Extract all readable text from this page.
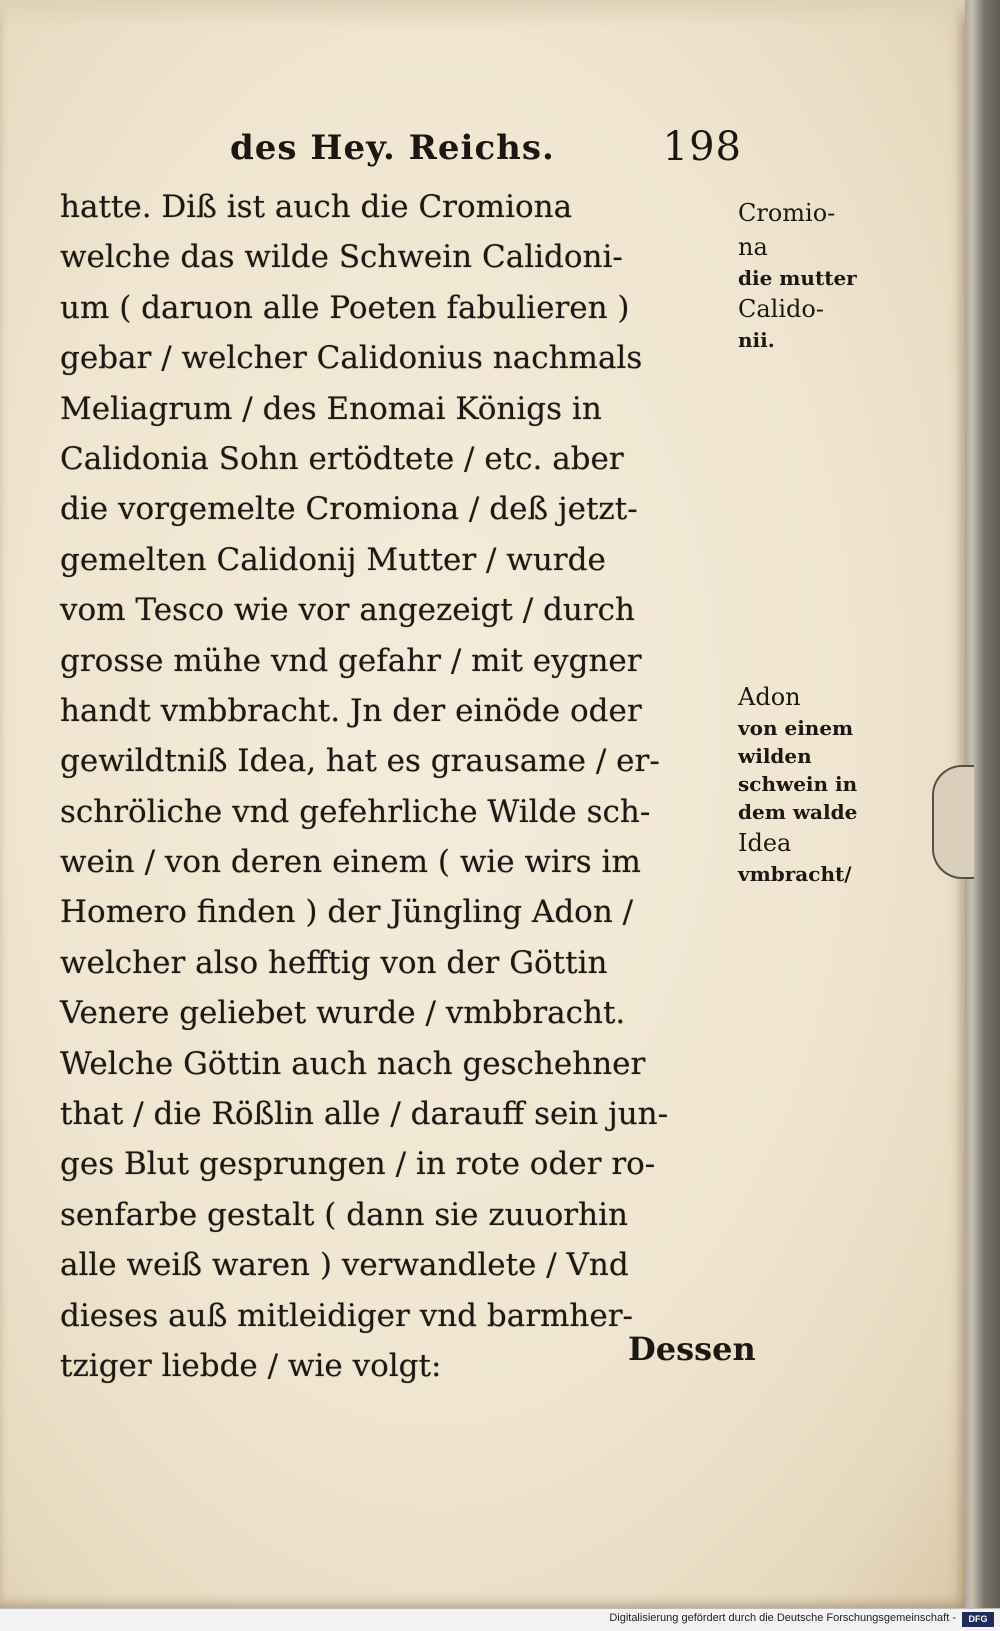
des Hey. Reichs.	198
hatte. Diß ist auch die Cromiona
welche das wilde Schwein Calidoni-
um ( daruon alle Poeten fabulieren )
gebar / welcher Calidonius nachmals
Meliagrum / des Enomai Königs in
Calidonia Sohn ertödtete / etc. aber
die vorgemelte Cromiona / deß jetzt-
gemelten Calidonij Mutter / wurde
vom Tesco wie vor angezeigt / durch
grosse mühe vnd gefahr / mit eygner
handt vmbbracht. Jn der einöde oder
gewildtniß Idea, hat es grausame / er-
schröliche vnd gefehrliche Wilde sch-
wein / von deren einem ( wie wirs im
Homero finden ) der Jüngling Adon /
welcher also hefftig von der Göttin
Venere geliebet wurde / vmbbracht.
Welche Göttin auch nach geschehner
that / die Rößlin alle / darauff sein jun-
ges Blut gesprungen / in rote oder ro-
senfarbe gestalt ( dann sie zuuorhin
alle weiß waren ) verwandlete / Vnd
dieses auß mitleidiger vnd barmher-
tziger liebde / wie volgt:
Cromio-
na
die mutter
Calido-
nii.
Adon
von einem
wilden
schwein in
dem walde
Idea
vmbracht/
Dessen
Digitalisierung gefördert durch die Deutsche Forschungsgemeinschaft -	DFG
